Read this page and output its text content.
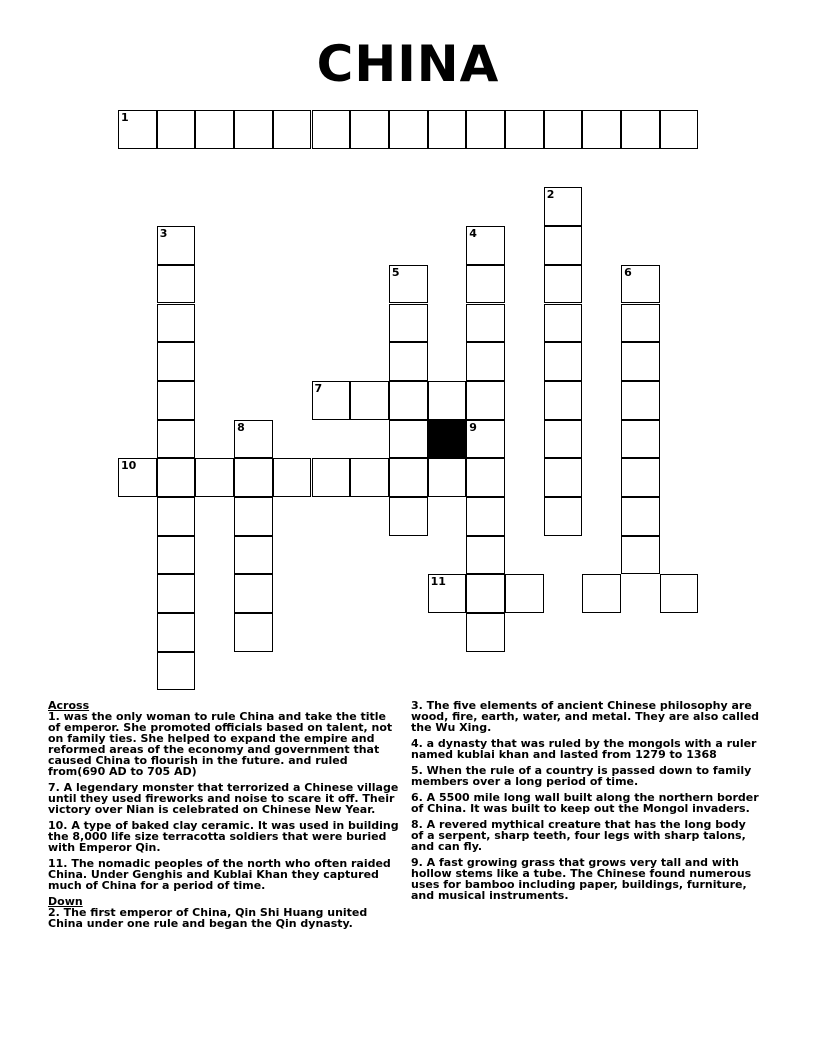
CHINA
1
2
3	4
5	6
7
8	9
10
11

Across

1. was the only woman to rule China and take the title of emperor. She promoted officials based on talent, not on family ties. She helped to expand the empire and reformed areas of the economy and government that caused China to flourish in the future. and ruled from(690 AD to 705 AD)

7. A legendary monster that terrorized a Chinese village until they used fireworks and noise to scare it off. Their victory over Nian is celebrated on Chinese New Year.

10. A type of baked clay ceramic. It was used in building the 8,000 life size terracotta soldiers that were buried with Emperor Qin.

11. The nomadic peoples of the north who often raided China. Under Genghis and Kublai Khan they captured much of China for a period of time.

Down

2. The first emperor of China, Qin Shi Huang united China under one rule and began the Qin dynasty.

3. The five elements of ancient Chinese philosophy are wood, fire, earth, water, and metal. They are also called the Wu Xing.

4. a dynasty that was ruled by the mongols with a ruler named kublai khan and lasted from 1279 to 1368

5. When the rule of a country is passed down to family members over a long period of time.

6. A 5500 mile long wall built along the northern border of China. It was built to keep out the Mongol invaders.

8. A revered mythical creature that has the long body of a serpent, sharp teeth, four legs with sharp talons, and can fly.

9. A fast growing grass that grows very tall and with hollow stems like a tube. The Chinese found numerous uses for bamboo including paper, buildings, furniture, and musical instruments.
